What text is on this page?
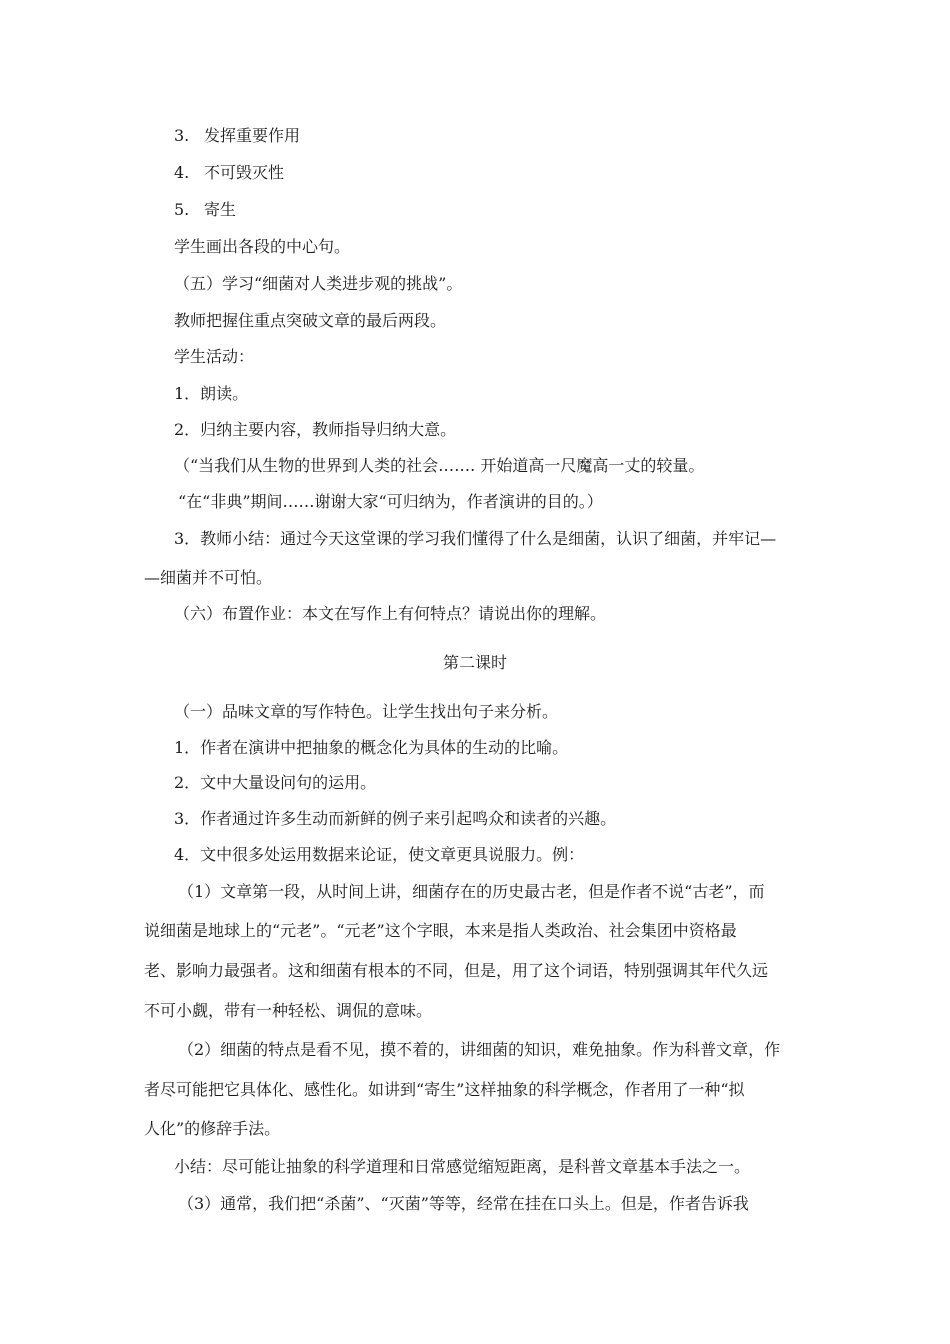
3. 发挥重要作用
4. 不可毁灭性
5. 寄生
学生画出各段的中心句。
（五）学习“细菌对人类进步观的挑战”。
教师把握住重点突破文章的最后两段。
学生活动：
1．朗读。
2．归纳主要内容，教师指导归纳大意。
（“当我们从生物的世界到人类的社会……. 开始道高一尺魔高一丈的较量。
“在“非典”期间……谢谢大家“可归纳为，作者演讲的目的。）
3．教师小结：通过今天这堂课的学习我们懂得了什么是细菌，认识了细菌，并牢记—
—细菌并不可怕。
（六）布置作业：本文在写作上有何特点？请说出你的理解。
第二课时
（一）品味文章的写作特色。让学生找出句子来分析。
1．作者在演讲中把抽象的概念化为具体的生动的比喻。
2．文中大量设问句的运用。
3．作者通过许多生动而新鲜的例子来引起鸣众和读者的兴趣。
4．文中很多处运用数据来论证，使文章更具说服力。例：
（1）文章第一段，从时间上讲，细菌存在的历史最古老，但是作者不说“古老”，而
说细菌是地球上的“元老”。“元老”这个字眼，本来是指人类政治、社会集团中资格最
老、影响力最强者。这和细菌有根本的不同，但是，用了这个词语，特别强调其年代久远
不可小觑，带有一种轻松、调侃的意味。
（2）细菌的特点是看不见，摸不着的，讲细菌的知识，难免抽象。作为科普文章，作
者尽可能把它具体化、感性化。如讲到“寄生”这样抽象的科学概念，作者用了一种“拟
人化”的修辞手法。
小结：尽可能让抽象的科学道理和日常感觉缩短距离，是科普文章基本手法之一。
（3）通常，我们把“杀菌”、“灭菌”等等，经常在挂在口头上。但是，作者告诉我
